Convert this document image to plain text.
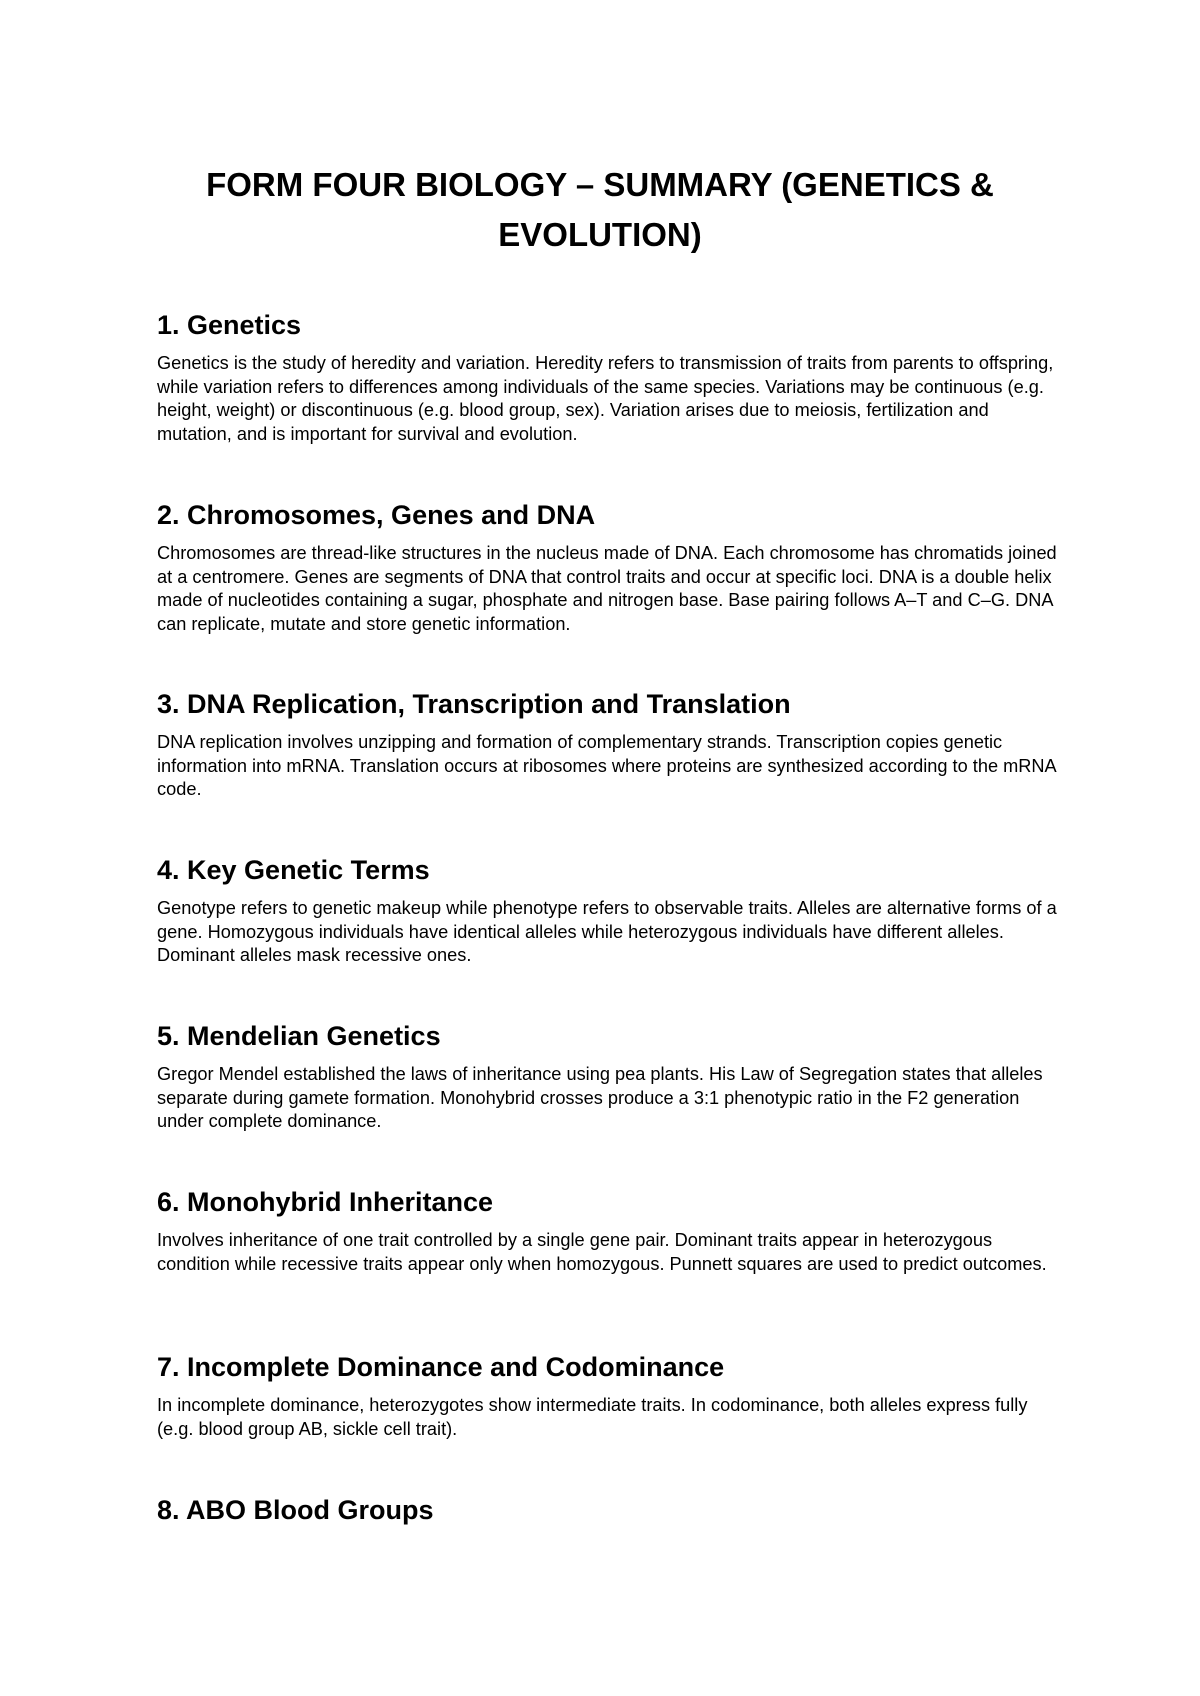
FORM FOUR BIOLOGY – SUMMARY (GENETICS & EVOLUTION)
1. Genetics

Genetics is the study of heredity and variation. Heredity refers to transmission of traits from parents to offspring, while variation refers to differences among individuals of the same species. Variations may be continuous (e.g. height, weight) or discontinuous (e.g. blood group, sex). Variation arises due to meiosis, fertilization and mutation, and is important for survival and evolution.

2. Chromosomes, Genes and DNA

Chromosomes are thread-like structures in the nucleus made of DNA. Each chromosome has chromatids joined at a centromere. Genes are segments of DNA that control traits and occur at specific loci. DNA is a double helix made of nucleotides containing a sugar, phosphate and nitrogen base. Base pairing follows A–T and C–G. DNA can replicate, mutate and store genetic information.

3. DNA Replication, Transcription and Translation

DNA replication involves unzipping and formation of complementary strands. Transcription copies genetic information into mRNA. Translation occurs at ribosomes where proteins are synthesized according to the mRNA code.

4. Key Genetic Terms

Genotype refers to genetic makeup while phenotype refers to observable traits. Alleles are alternative forms of a gene. Homozygous individuals have identical alleles while heterozygous individuals have different alleles. Dominant alleles mask recessive ones.

5. Mendelian Genetics

Gregor Mendel established the laws of inheritance using pea plants. His Law of Segregation states that alleles separate during gamete formation. Monohybrid crosses produce a 3:1 phenotypic ratio in the F2 generation under complete dominance.

6. Monohybrid Inheritance

Involves inheritance of one trait controlled by a single gene pair. Dominant traits appear in heterozygous condition while recessive traits appear only when homozygous. Punnett squares are used to predict outcomes.

7. Incomplete Dominance and Codominance

In incomplete dominance, heterozygotes show intermediate traits. In codominance, both alleles express fully (e.g. blood group AB, sickle cell trait).

8. ABO Blood Groups
